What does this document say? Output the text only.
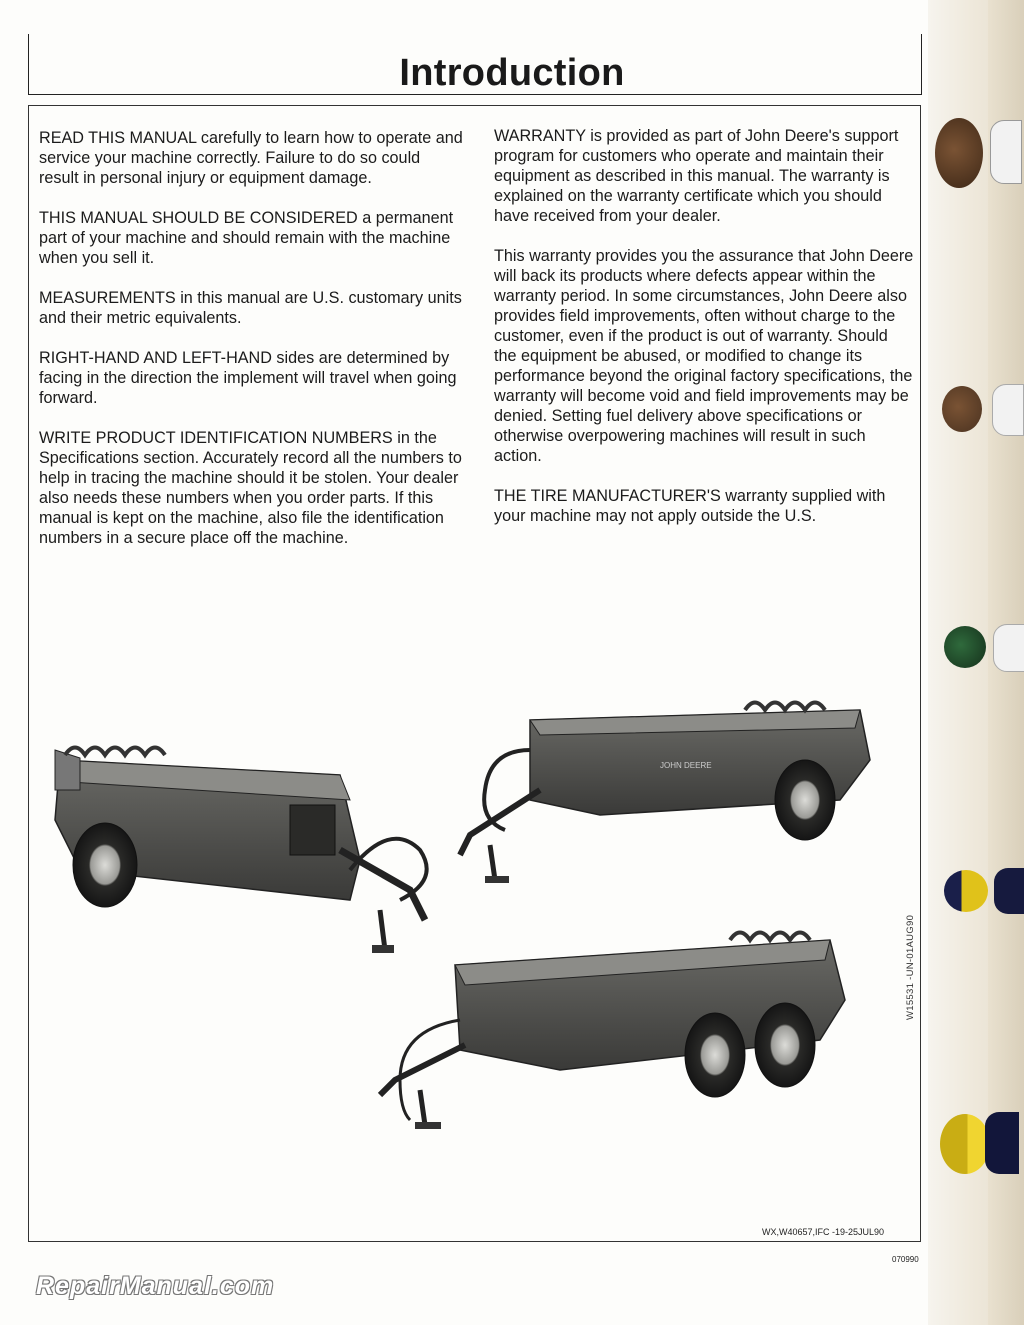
Introduction

READ THIS MANUAL carefully to learn how to operate and service your machine correctly. Failure to do so could result in personal injury or equipment damage.

THIS MANUAL SHOULD BE CONSIDERED a permanent part of your machine and should remain with the machine when you sell it.

MEASUREMENTS in this manual are U.S. customary units and their metric equivalents.

RIGHT-HAND AND LEFT-HAND sides are determined by facing in the direction the implement will travel when going forward.

WRITE PRODUCT IDENTIFICATION NUMBERS in the Specifications section. Accurately record all the numbers to help in tracing the machine should it be stolen. Your dealer also needs these numbers when you order parts. If this manual is kept on the machine, also file the identification numbers in a secure place off the machine.

WARRANTY is provided as part of John Deere's support program for customers who operate and maintain their equipment as described in this manual. The warranty is explained on the warranty certificate which you should have received from your dealer.

This warranty provides you the assurance that John Deere will back its products where defects appear within the warranty period. In some circumstances, John Deere also provides field improvements, often without charge to the customer, even if the product is out of warranty. Should the equipment be abused, or modified to change its performance beyond the original factory specifications, the warranty will become void and field improvements may be denied. Setting fuel delivery above specifications or otherwise overpowering machines will result in such action.

THE TIRE MANUFACTURER'S warranty supplied with your machine may not apply outside the U.S.

JOHN DEERE
W15531 -UN-01AUG90
WX,W40657,IFC -19-25JUL90
070990
RepairManual.com
